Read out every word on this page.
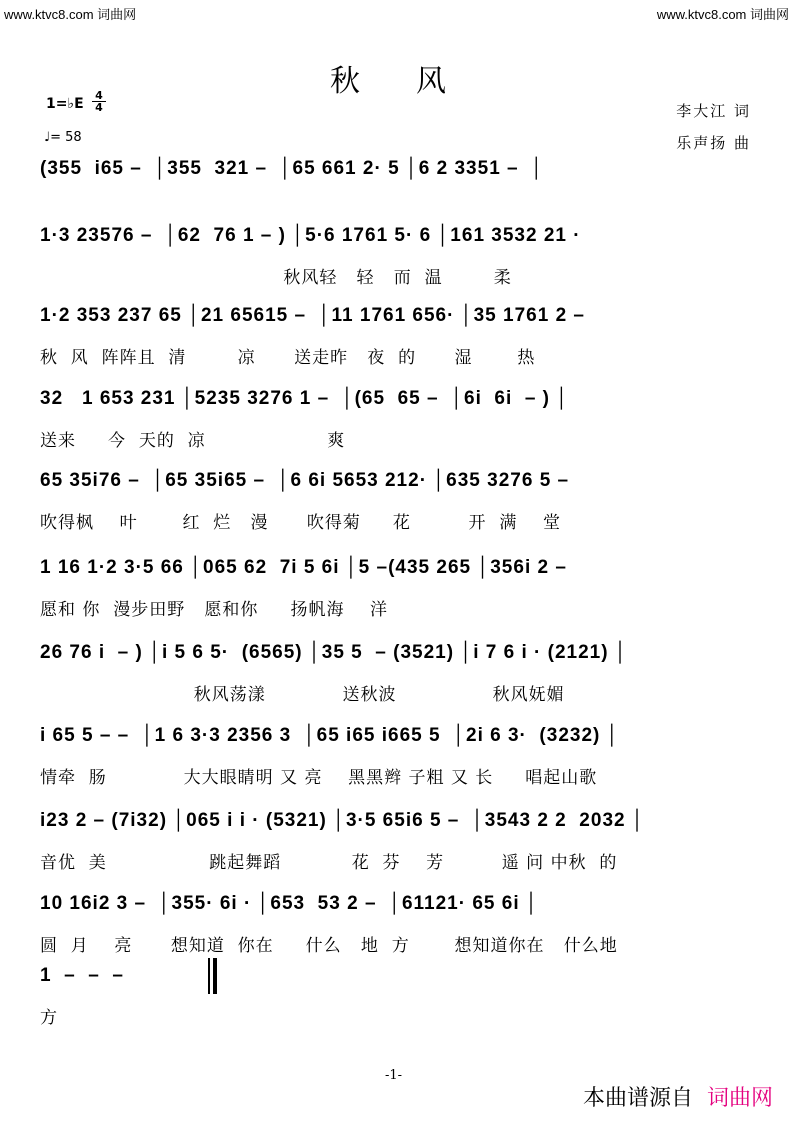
www.ktvc8.com 词曲网	www.ktvc8.com 词曲网
秋风
1=♭E
4
4
♩= 58
李大江 词
乐声扬 曲
(355  i65 –  │355  321 –  │65 661 2· 5 │6 2 3351 –  │
1·3 23576 –  │62  76 1 – ) │5·6 1761 5· 6 │161 3532 21 ·
秋风轻   轻   而  温        柔
1·2 353 237 65 │21 65615 –  │11 1761 656· │35 1761 2 –
秋  风  阵阵且  清        凉      送走昨   夜  的      湿       热
32   1 653 231 │5235 3276 1 –  │(65  65 –  │6i  6i  – ) │
送来     今  天的  凉                   爽
65 35i76 –  │65 35i65 –  │6 6i 5653 212· │635 3276 5 –
吹得枫    叶       红  烂   漫      吹得菊     花         开  满    堂
1 16 1·2 3·5 66 │065 62  7i 5 6i │5 –(435 265 │356i 2 –
愿和 你  漫步田野   愿和你     扬帆海    洋
26 76 i  – ) │i 5 6 5·  (6565) │35 5  – (3521) │i 7 6 i · (2121) │
秋风荡漾            送秋波               秋风妩媚
i 65 5 – –  │1 6 3·3 2356 3  │65 i65 i665 5  │2i 6 3·  (3232) │
情牵  肠            大大眼睛明 又 亮    黑黑辫 子粗 又 长     唱起山歌
i23 2 – (7i32) │065 i i · (5321) │3·5 65i6 5 –  │3543 2 2  2032 │
音优  美                跳起舞蹈           花  芬    芳         遥 问 中秋  的
10 16i2 3 –  │355· 6i · │653  53 2 –  │61121· 65 6i │
圆  月    亮      想知道  你在     什么   地  方       想知道你在   什么地
1  –  –  –
方
-1-
本曲谱源自 词曲网
